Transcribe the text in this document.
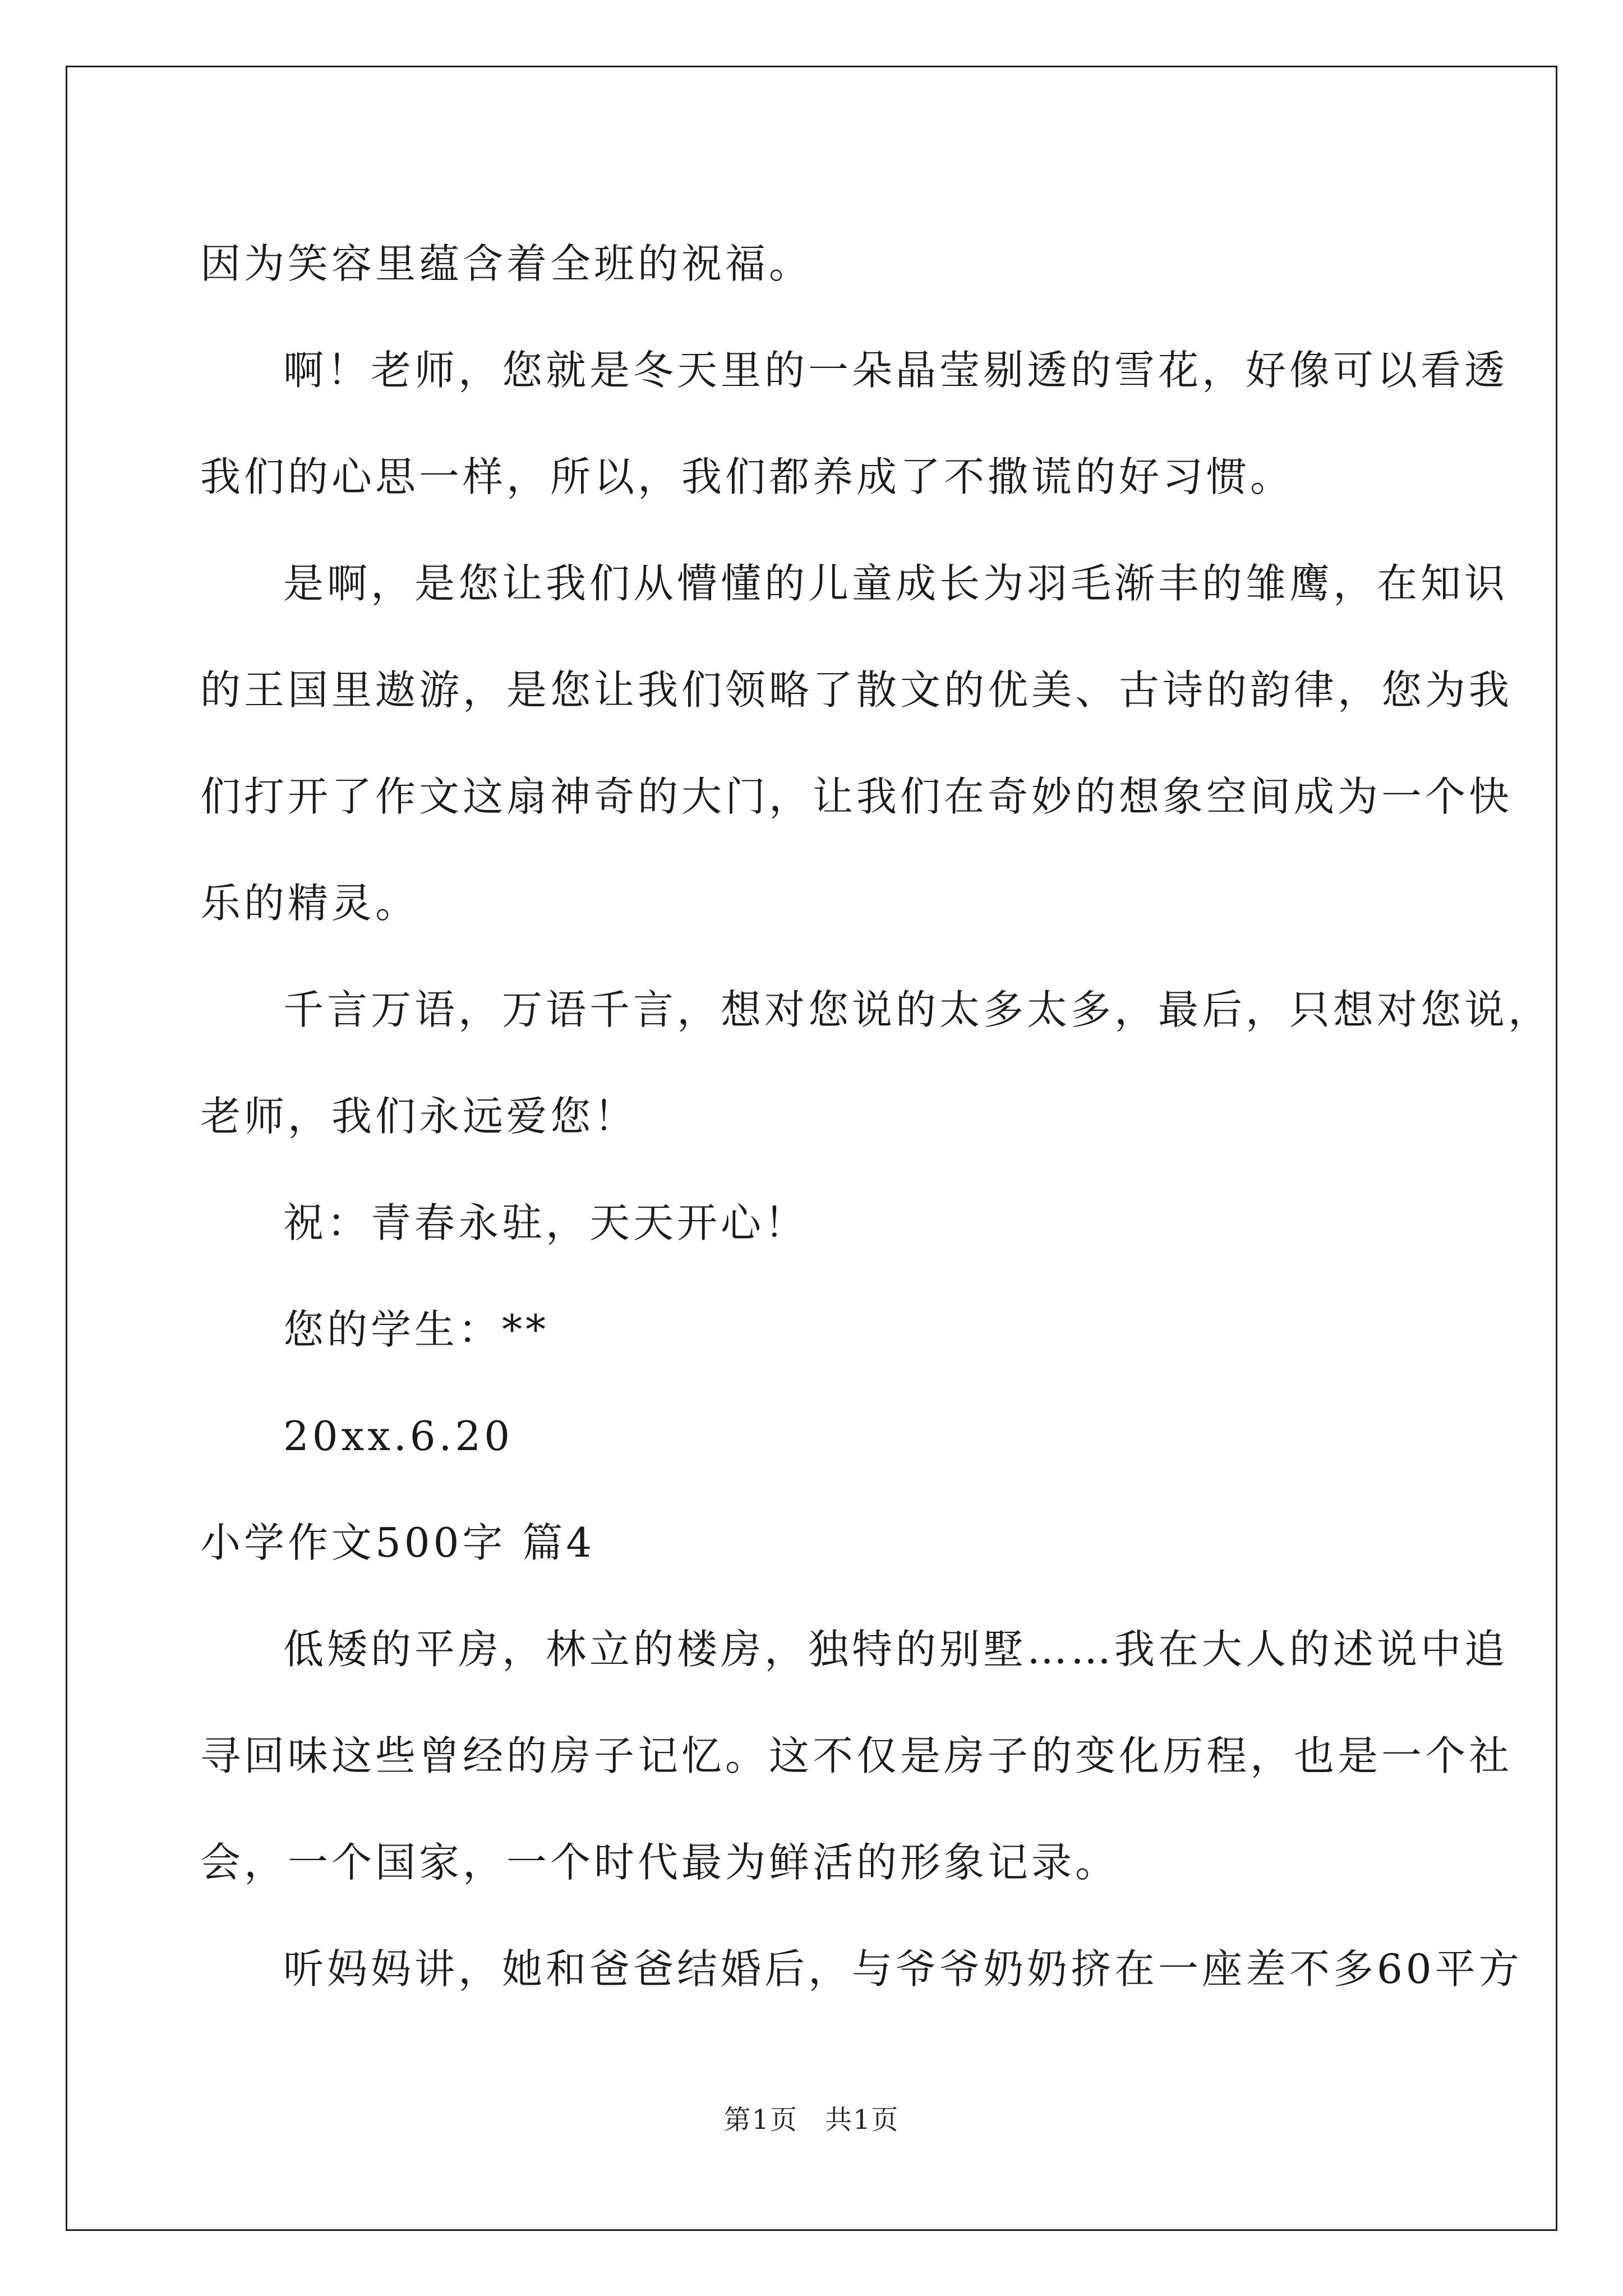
因为笑容里蕴含着全班的祝福。

啊！老师，您就是冬天里的一朵晶莹剔透的雪花，好像可以看透

我们的心思一样，所以，我们都养成了不撒谎的好习惯。

是啊，是您让我们从懵懂的儿童成长为羽毛渐丰的雏鹰，在知识

的王国里遨游，是您让我们领略了散文的优美、古诗的韵律，您为我

们打开了作文这扇神奇的大门，让我们在奇妙的想象空间成为一个快

乐的精灵。

千言万语，万语千言，想对您说的太多太多，最后，只想对您说，

老师，我们永远爱您！

祝：青春永驻，天天开心！

您的学生：**

20xx.6.20

小学作文500字 篇4

低矮的平房，林立的楼房，独特的别墅……我在大人的述说中追

寻回味这些曾经的房子记忆。这不仅是房子的变化历程，也是一个社

会，一个国家，一个时代最为鲜活的形象记录。

听妈妈讲，她和爸爸结婚后，与爷爷奶奶挤在一座差不多60平方

第1页 共1页
